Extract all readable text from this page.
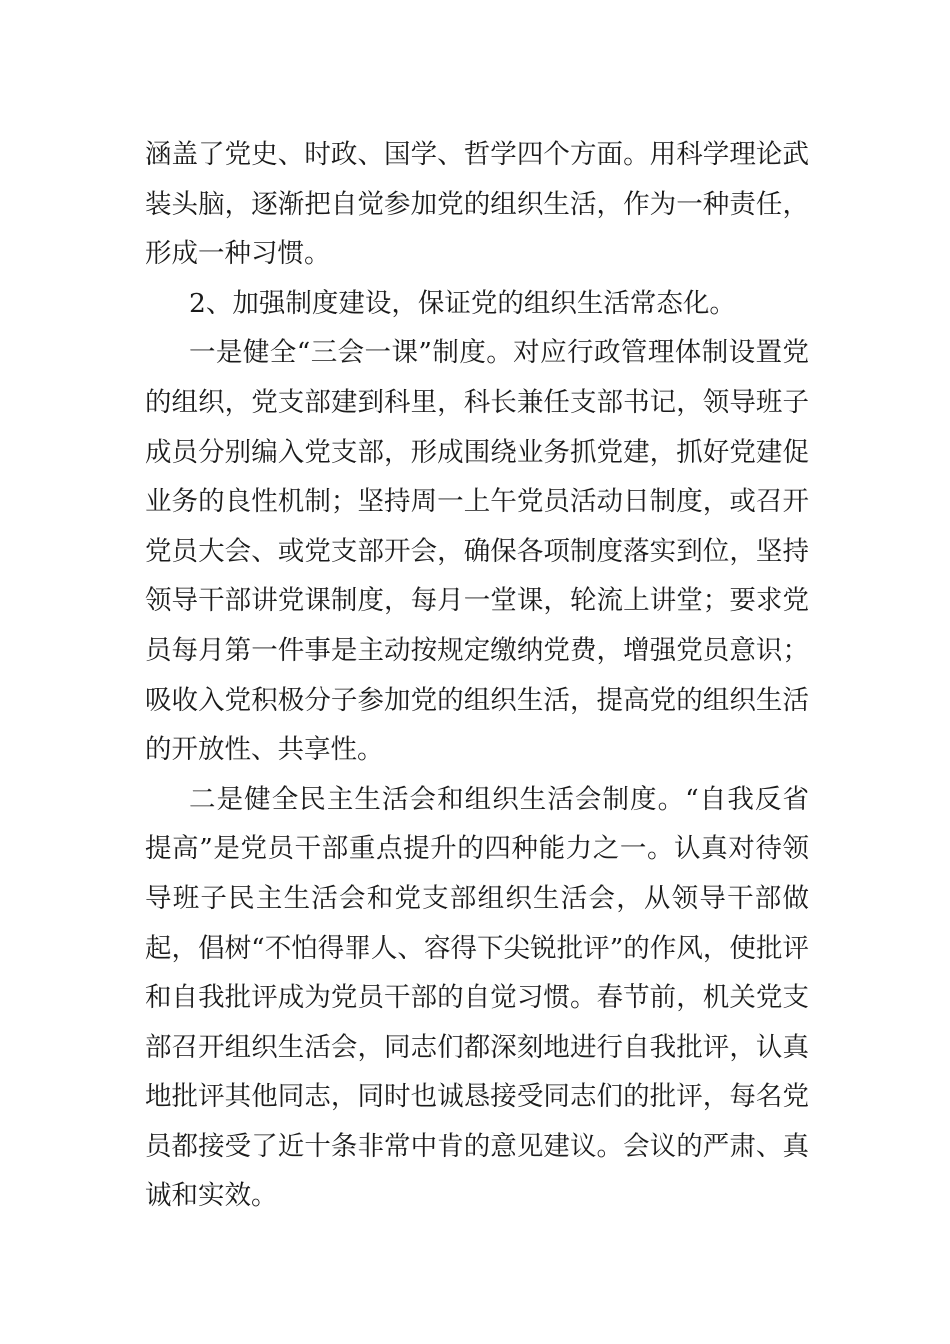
涵盖了党史、时政、国学、哲学四个方面。用科学理论武装头脑，逐渐把自觉参加党的组织生活，作为一种责任，形成一种习惯。

2、加强制度建设，保证党的组织生活常态化。

一是健全“三会一课”制度。对应行政管理体制设置党的组织，党支部建到科里，科长兼任支部书记，领导班子成员分别编入党支部，形成围绕业务抓党建，抓好党建促业务的良性机制；坚持周一上午党员活动日制度，或召开党员大会、或党支部开会，确保各项制度落实到位，坚持领导干部讲党课制度，每月一堂课，轮流上讲堂；要求党员每月第一件事是主动按规定缴纳党费，增强党员意识；吸收入党积极分子参加党的组织生活，提高党的组织生活的开放性、共享性。

二是健全民主生活会和组织生活会制度。“自我反省提高”是党员干部重点提升的四种能力之一。认真对待领导班子民主生活会和党支部组织生活会，从领导干部做起，倡树“不怕得罪人、容得下尖锐批评”的作风，使批评和自我批评成为党员干部的自觉习惯。春节前，机关党支部召开组织生活会，同志们都深刻地进行自我批评，认真地批评其他同志，同时也诚恳接受同志们的批评，每名党员都接受了近十条非常中肯的意见建议。会议的严肃、真诚和实效。
